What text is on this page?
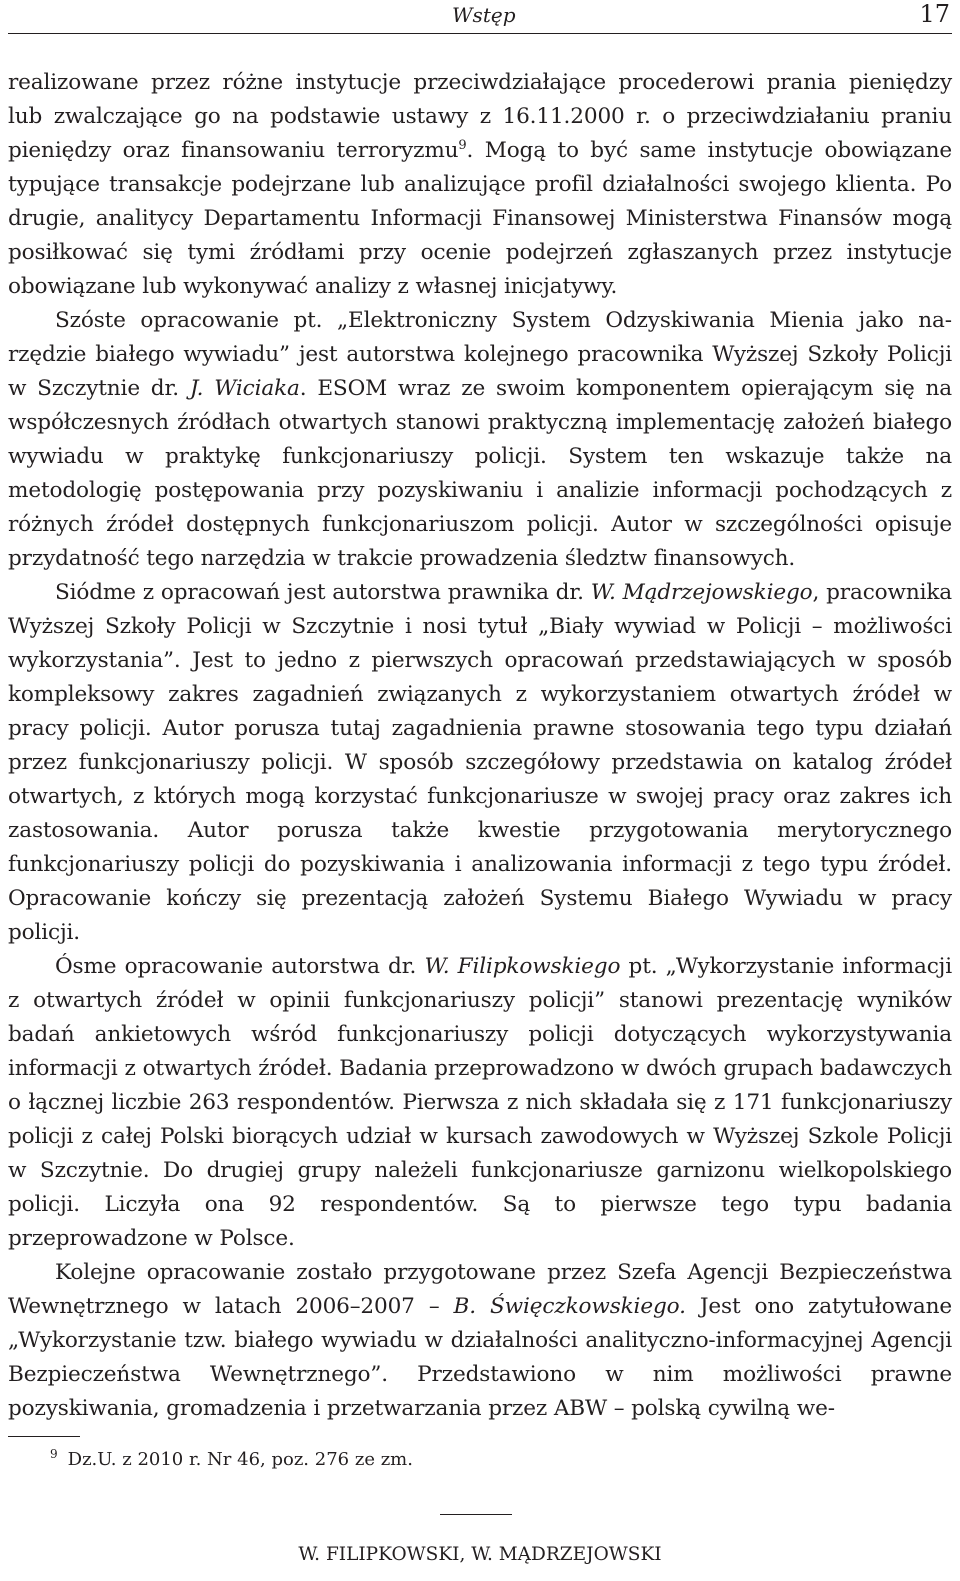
Wstęp	17

realizowane przez różne instytucje przeciwdziałające procederowi prania pieniędzy lub zwalczające go na podstawie ustawy z 16.11.2000 r. o przeciwdziałaniu praniu pieniędzy oraz finansowaniu terroryzmu$^9$. Mogą to być same instytucje obowiązane typujące transakcje podejrzane lub analizujące profil działalności swojego klienta. Po drugie, analitycy Departamentu Informacji Finansowej Ministerstwa Finansów mogą posiłkować się tymi źródłami przy ocenie podejrzeń zgłaszanych przez instytucje obowiązane lub wykonywać analizy z własnej inicjatywy.

Szóste opracowanie pt. „Elektroniczny System Odzyskiwania Mienia jako narzędzie białego wywiadu” jest autorstwa kolejnego pracownika Wyższej Szkoły Policji w Szczytnie dr. J. Wiciaka. ESOM wraz ze swoim komponentem opierającym się na współczesnych źródłach otwartych stanowi praktyczną implementację założeń białego wywiadu w praktykę funkcjonariuszy policji. System ten wskazuje także na metodologię postępowania przy pozyskiwaniu i analizie informacji pochodzących z różnych źródeł dostępnych funkcjonariuszom policji. Autor w szczególności opisuje przydatność tego narzędzia w trakcie prowadzenia śledztw finansowych.

Siódme z opracowań jest autorstwa prawnika dr. W. Mądrzejowskiego, pracownika Wyższej Szkoły Policji w Szczytnie i nosi tytuł „Biały wywiad w Policji – możliwości wykorzystania”. Jest to jedno z pierwszych opracowań przedstawiających w sposób kompleksowy zakres zagadnień związanych z wykorzystaniem otwartych źródeł w pracy policji. Autor porusza tutaj zagadnienia prawne stosowania tego typu działań przez funkcjonariuszy policji. W sposób szczegółowy przedstawia on katalog źródeł otwartych, z których mogą korzystać funkcjonariusze w swojej pracy oraz zakres ich zastosowania. Autor porusza także kwestie przygotowania merytorycznego funkcjonariuszy policji do pozyskiwania i analizowania informacji z tego typu źródeł. Opracowanie kończy się prezentacją założeń Systemu Białego Wywiadu w pracy policji.

Ósme opracowanie autorstwa dr. W. Filipkowskiego pt. „Wykorzystanie informacji z otwartych źródeł w opinii funkcjonariuszy policji” stanowi prezentację wyników badań ankietowych wśród funkcjonariuszy policji dotyczących wykorzystywania informacji z otwartych źródeł. Badania przeprowadzono w dwóch grupach badawczych o łącznej liczbie 263 respondentów. Pierwsza z nich składała się z 171 funkcjonariuszy policji z całej Polski biorących udział w kursach zawodowych w Wyższej Szkole Policji w Szczytnie. Do drugiej grupy należeli funkcjonariusze garnizonu wielkopolskiego policji. Liczyła ona 92 respondentów. Są to pierwsze tego typu badania przeprowadzone w Polsce.

Kolejne opracowanie zostało przygotowane przez Szefa Agencji Bezpieczeństwa Wewnętrznego w latach 2006–2007 – B. Święczkowskiego. Jest ono zatytułowane „Wykorzystanie tzw. białego wywiadu w działalności analityczno-informacyjnej Agencji Bezpieczeństwa Wewnętrznego”. Przedstawiono w nim możliwości prawne pozyskiwania, gromadzenia i przetwarzania przez ABW – polską cywilną we-

$^9$ Dz.U. z 2010 r. Nr 46, poz. 276 ze zm.
W. FILIPKOWSKI, W. MĄDRZEJOWSKI
